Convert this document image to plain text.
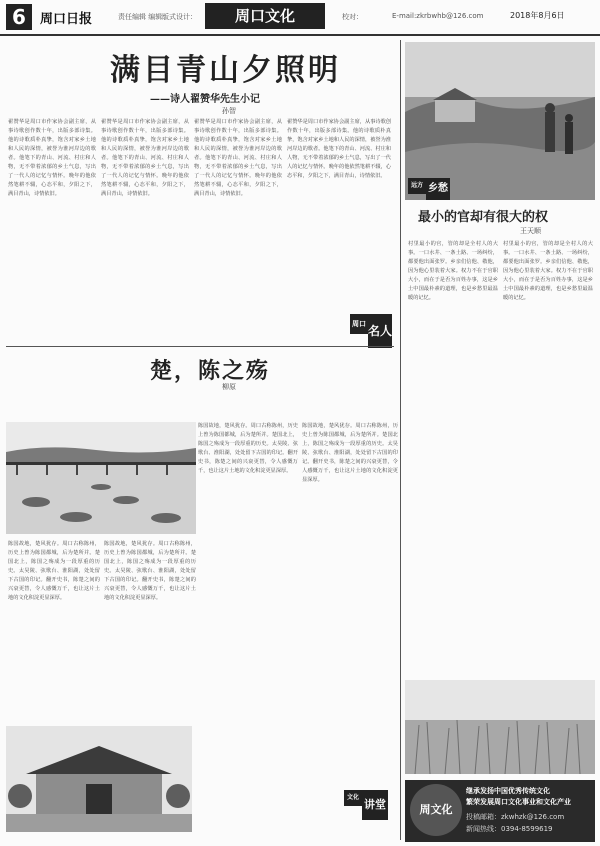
6	周口日报	责任编辑 编辑：
版式设计：	周口文化	校对：	E-mail:zkrbwhb@126.com	2018年8月6日
满目青山夕照明
——诗人翟赞华先生小记
孙智
翟赞华是周口市作家协会副主席，从事诗歌创作数十年，出版多部诗集。他的诗歌质朴真挚，饱含对家乡土地和人民的深情，被誉为淮河岸边的歌者。他笔下的青山、河流、村庄和人物，无不带着浓郁的乡土气息，写出了一代人的记忆与情怀。晚年的他依然笔耕不辍，心态平和，夕阳之下，满目青山，诗情依旧。
翟赞华是周口市作家协会副主席，从事诗歌创作数十年，出版多部诗集。他的诗歌质朴真挚，饱含对家乡土地和人民的深情，被誉为淮河岸边的歌者。他笔下的青山、河流、村庄和人物，无不带着浓郁的乡土气息，写出了一代人的记忆与情怀。晚年的他依然笔耕不辍，心态平和，夕阳之下，满目青山，诗情依旧。
翟赞华是周口市作家协会副主席，从事诗歌创作数十年，出版多部诗集。他的诗歌质朴真挚，饱含对家乡土地和人民的深情，被誉为淮河岸边的歌者。他笔下的青山、河流、村庄和人物，无不带着浓郁的乡土气息，写出了一代人的记忆与情怀。晚年的他依然笔耕不辍，心态平和，夕阳之下，满目青山，诗情依旧。
翟赞华是周口市作家协会副主席，从事诗歌创作数十年，出版多部诗集。他的诗歌质朴真挚，饱含对家乡土地和人民的深情，被誉为淮河岸边的歌者。他笔下的青山、河流、村庄和人物，无不带着浓郁的乡土气息，写出了一代人的记忆与情怀。晚年的他依然笔耕不辍，心态平和，夕阳之下，满目青山，诗情依旧。
周口 名人
远方 乡愁
最小的官却有很大的权
王天顺
村里最小的官，管的却是全村人的大事。一口水井、一条土路、一场纠纷，都要他出面张罗。乡亲们信他、敬他，因为他心里装着大家。权力不在于官职大小，而在于是否为百姓办事，这是乡土中国最朴素的道理，也是乡愁里最温暖的记忆。
村里最小的官，管的却是全村人的大事。一口水井、一条土路、一场纠纷，都要他出面张罗。乡亲们信他、敬他，因为他心里装着大家。权力不在于官职大小，而在于是否为百姓办事，这是乡土中国最朴素的道理，也是乡愁里最温暖的记忆。
楚，陈之殇
柳原
陈国故地，楚风犹存。周口古称陈州，历史上曾为陈国都城，后为楚所并。楚国北上，陈国之殇成为一段厚重的历史。太昊陵、弦歌台、淮阳湖，处处留下古国的印记。翻开史书，陈楚之间的兴衰更替，令人感慨万千，也让这片土地的文化积淀更显深厚。
陈国故地，楚风犹存。周口古称陈州，历史上曾为陈国都城，后为楚所并。楚国北上，陈国之殇成为一段厚重的历史。太昊陵、弦歌台、淮阳湖，处处留下古国的印记。翻开史书，陈楚之间的兴衰更替，令人感慨万千，也让这片土地的文化积淀更显深厚。
陈国故地，楚风犹存。周口古称陈州，历史上曾为陈国都城，后为楚所并。楚国北上，陈国之殇成为一段厚重的历史。太昊陵、弦歌台、淮阳湖，处处留下古国的印记。翻开史书，陈楚之间的兴衰更替，令人感慨万千，也让这片土地的文化积淀更显深厚。
陈国故地，楚风犹存。周口古称陈州，历史上曾为陈国都城，后为楚所并。楚国北上，陈国之殇成为一段厚重的历史。太昊陵、弦歌台、淮阳湖，处处留下古国的印记。翻开史书，陈楚之间的兴衰更替，令人感慨万千，也让这片土地的文化积淀更显深厚。
文化
讲堂	周文化
继承发扬中国优秀传统文化
繁荣发展周口文化事业和文化产业
投稿邮箱：zkwhzk@126.com
新闻热线：0394-8599619
